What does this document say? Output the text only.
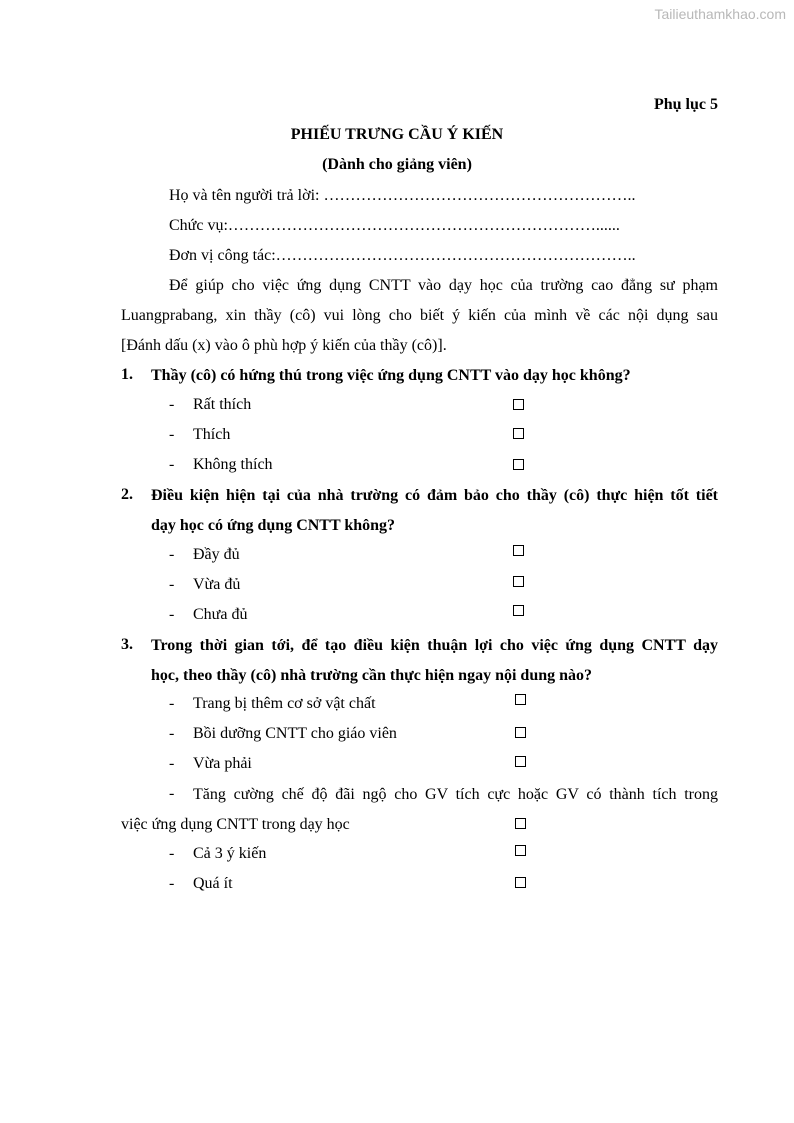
Tailieuthamkhao.com
Phụ lục 5
PHIẾU TRƯNG CẦU Ý KIẾN
(Dành cho giảng viên)
Họ và tên người trả lời: …………………………………………………..
Chức vụ:……………………………………………………………......
Đơn vị công tác:…………………………………………………………..
Để giúp cho việc ứng dụng CNTT vào dạy học của trường cao đẳng sư phạm
Luangprabang, xin thầy (cô) vui lòng cho biết ý kiến của mình về các nội dụng sau
[Đánh dấu (x) vào ô phù hợp ý kiến của thầy (cô)].
1. Thầy (cô) có hứng thú trong việc ứng dụng CNTT vào dạy học không?
- Rất thích
- Thích
- Không thích
2. Điều kiện hiện tại của nhà trường có đảm bảo cho thầy (cô) thực hiện tốt tiết
dạy học có ứng dụng CNTT không?
- Đầy đủ
- Vừa đủ
- Chưa đủ
3. Trong thời gian tới, để tạo điều kiện thuận lợi cho việc ứng dụng CNTT dạy
học, theo thầy (cô) nhà trường cần thực hiện ngay nội dung nào?
- Trang bị thêm cơ sở vật chất
- Bồi dưỡng CNTT cho giáo viên
- Vừa phải
- Tăng cường chế độ đãi ngộ cho GV tích cực hoặc GV có thành tích trong
việc ứng dụng CNTT trong dạy học
- Cả 3 ý kiến
- Quá ít
